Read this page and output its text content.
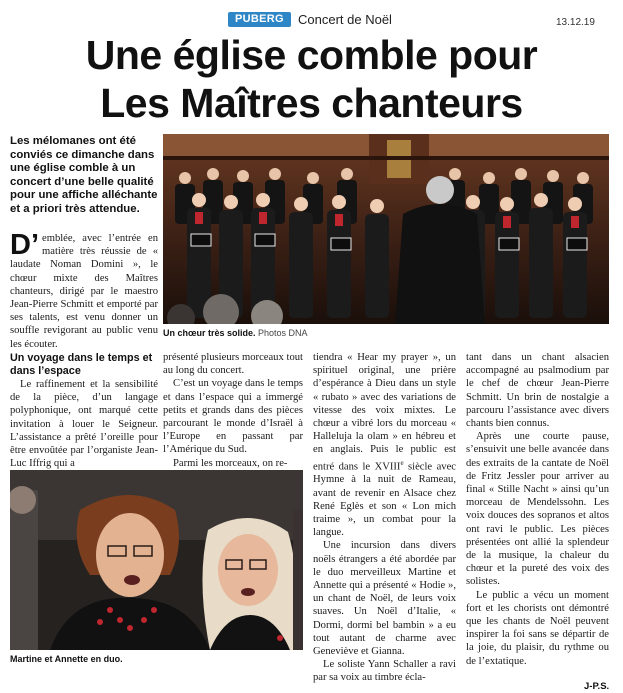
PUBERG	Concert de Noël	13.12.19
Une église comble pour
Les Maîtres chanteurs
Les mélomanes ont été conviés ce dimanche dans une église comble à un concert d’une belle qualité pour une affiche alléchante et a priori très attendue.

D’ emblée, avec l’entrée en matière très réussie de « laudate Noman Domini », le chœur mixte des Maîtres chanteurs, dirigé par le maestro Jean-Pierre Schmitt et emporté par ses talents, est venu donner un souffle revigorant au public venu les écouter.

Un chœur très solide. Photos DNA
Un voyage dans le temps et dans l’espace

Le raffinement et la sensibilité de la pièce, d’un langage polyphonique, ont marqué cette invitation à louer le Seigneur. L’assistance a prêté l’oreille pour être envoûtée par l’organiste Jean-Luc Iffrig qui a

présenté plusieurs morceaux tout au long du concert.

C’est un voyage dans le temps et dans l’espace qui a immergé petits et grands dans des pièces parcourant le monde d’Israël à l’Europe en passant par l’Amérique du Sud.

Parmi les morceaux, on re-

Martine et Annette en duo.

tiendra « Hear my prayer », un spirituel original, une prière d’espérance à Dieu dans un style « rubato » avec des variations de vitesse des voix mixtes. Le chœur a vibré lors du morceau « Halleluja la olam » en hébreu et en anglais. Puis le public est entré dans le XVIIIe siècle avec Hymne à la nuit de Rameau, avant de revenir en Alsace chez René Eglès et son « Lon mich traime », un combat pour la langue.

Une incursion dans divers noëls étrangers a été abordée par le duo merveilleux Martine et Annette qui a présenté « Hodie », un chant de Noël, de leurs voix suaves. Un Noël d’Italie, « Dormi, dormi bel bambin » a eu tout autant de charme avec Geneviève et Gianna.

Le soliste Yann Schaller a ravi par sa voix au timbre écla-

tant dans un chant alsacien accompagné au psalmodium par le chef de chœur Jean-Pierre Schmitt. Un brin de nostalgie a parcouru l’assistance avec divers chants bien connus.

Après une courte pause, s’ensuivit une belle avancée dans des extraits de la cantate de Noël de Fritz Jessler pour arriver au final « Stille Nacht » ainsi qu’un morceau de Mendelssohn. Les voix douces des sopranos et altos ont ravi le public. Les pièces présentées ont allié la splendeur de la musique, la chaleur du chœur et la pureté des voix des solistes.

Le public a vécu un moment fort et les chorists ont démontré que les chants de Noël peuvent inspirer la foi sans se départir de la joie, du plaisir, du rythme ou de l’extatique.

J-P.S.
